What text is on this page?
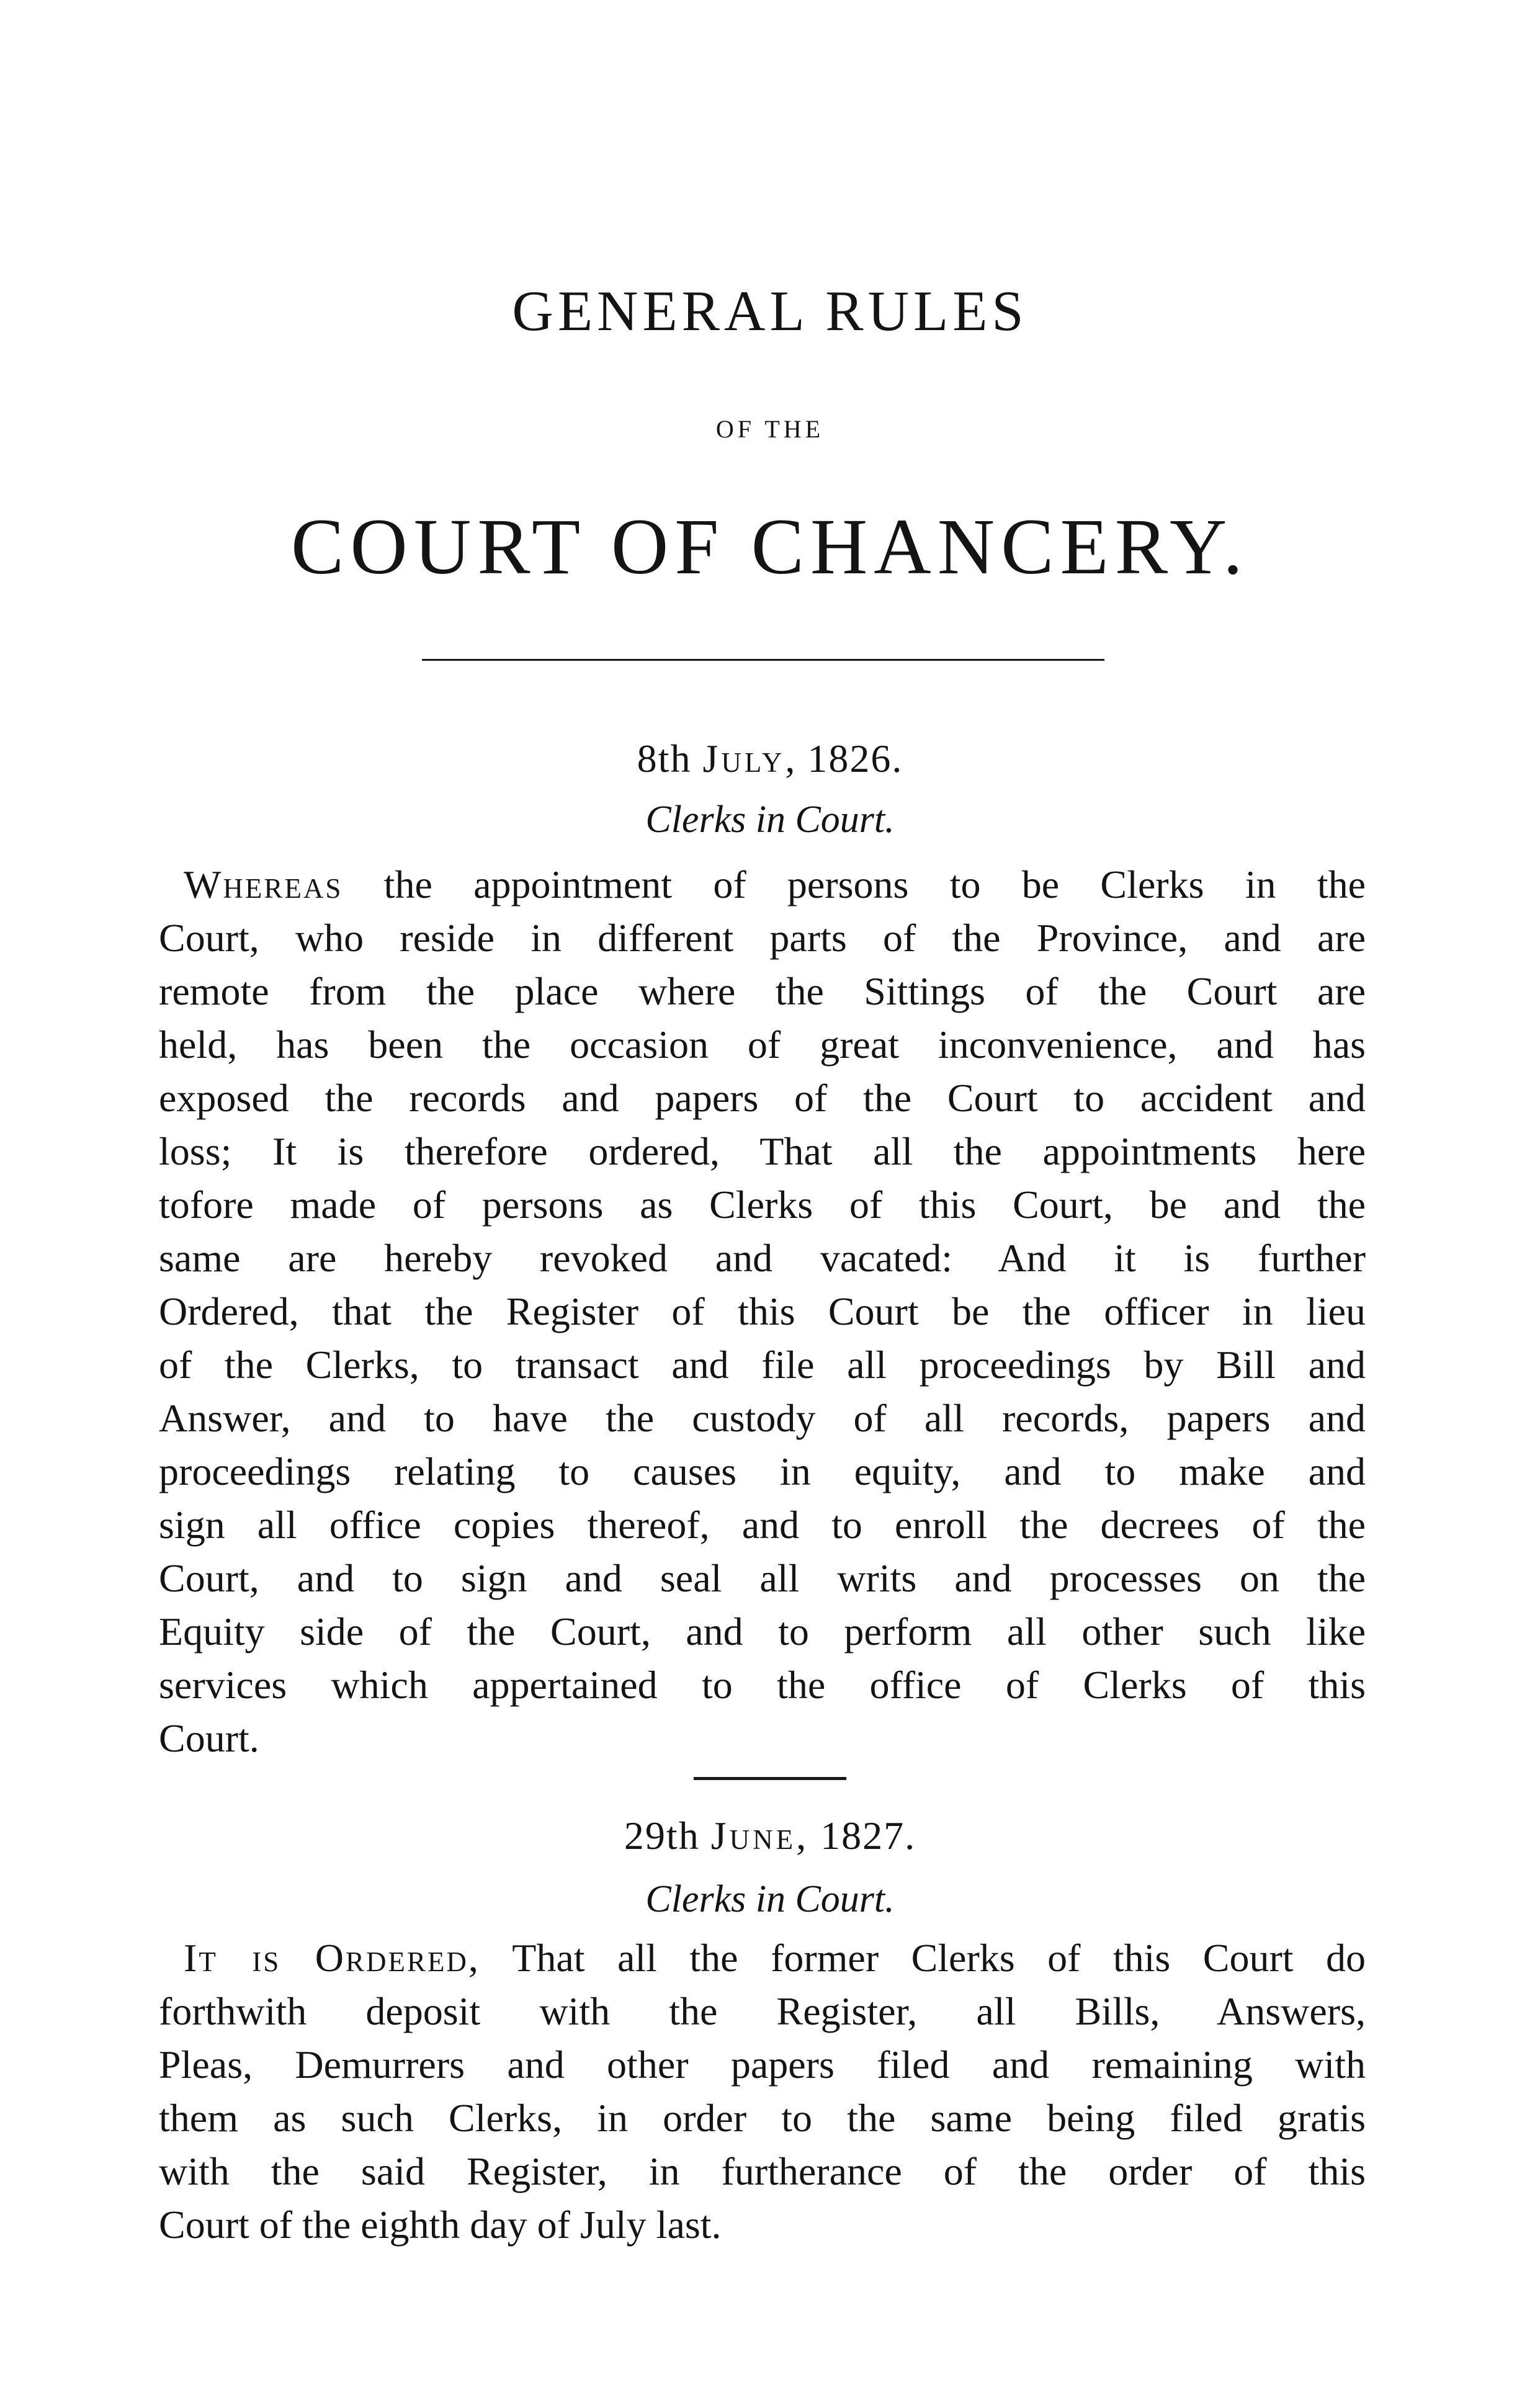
GENERAL RULES
OF THE
COURT OF CHANCERY.
8th July, 1826.
Clerks in Court.
Whereas the appointment of persons to be Clerks in the
Court, who reside in different parts of the Province, and are
remote from the place where the Sittings of the Court are
held, has been the occasion of great inconvenience, and has
exposed the records and papers of the Court to accident and
loss; It is therefore ordered, That all the appointments here
tofore made of persons as Clerks of this Court, be and the
same are hereby revoked and vacated: And it is further
Ordered, that the Register of this Court be the officer in lieu
of the Clerks, to transact and file all proceedings by Bill and
Answer, and to have the custody of all records, papers and
proceedings relating to causes in equity, and to make and
sign all office copies thereof, and to enroll the decrees of the
Court, and to sign and seal all writs and processes on the
Equity side of the Court, and to perform all other such like
services which appertained to the office of Clerks of this
Court.
29th June, 1827.
Clerks in Court.
It is Ordered, That all the former Clerks of this Court do
forthwith deposit with the Register, all Bills, Answers,
Pleas, Demurrers and other papers filed and remaining with
them as such Clerks, in order to the same being filed gratis
with the said Register, in furtherance of the order of this
Court of the eighth day of July last.
